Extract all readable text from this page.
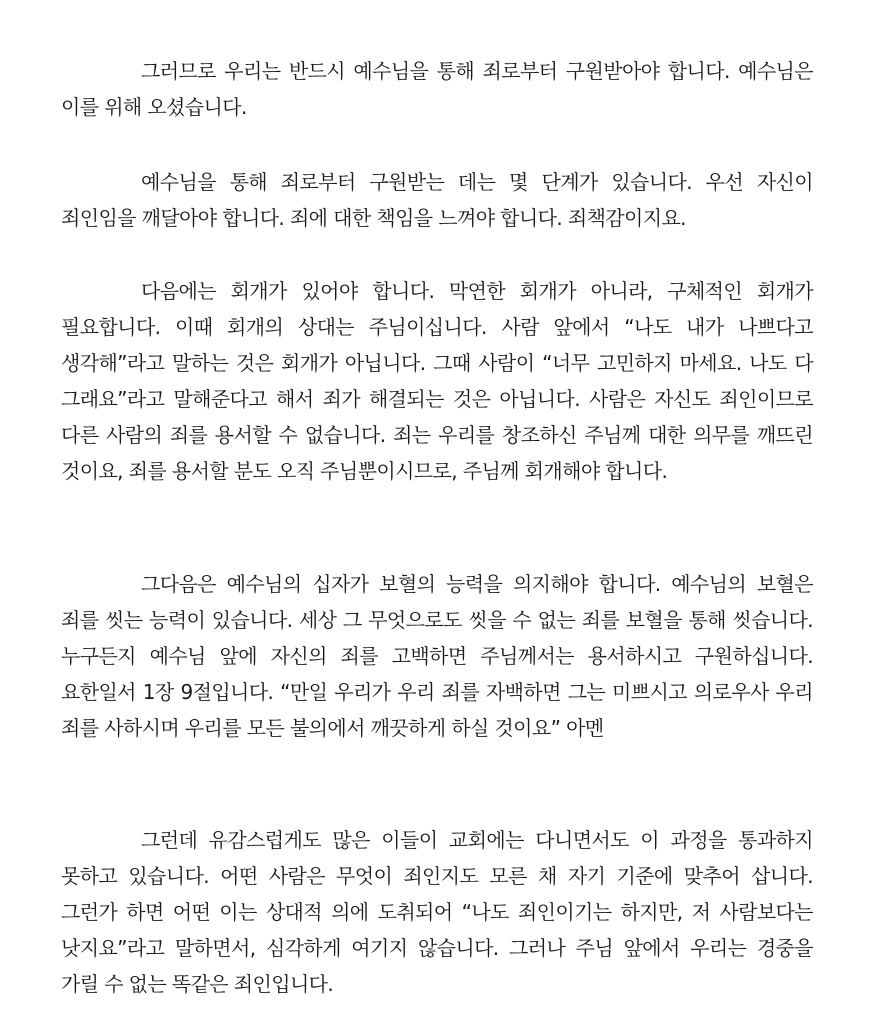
그러므로 우리는 반드시 예수님을 통해 죄로부터 구원받아야 합니다. 예수님은 이를 위해 오셨습니다.

예수님을 통해 죄로부터 구원받는 데는 몇 단계가 있습니다. 우선 자신이 죄인임을 깨달아야 합니다. 죄에 대한 책임을 느껴야 합니다. 죄책감이지요.

다음에는 회개가 있어야 합니다. 막연한 회개가 아니라, 구체적인 회개가 필요합니다. 이때 회개의 상대는 주님이십니다. 사람 앞에서 “나도 내가 나쁘다고 생각해”라고 말하는 것은 회개가 아닙니다. 그때 사람이 “너무 고민하지 마세요. 나도 다 그래요”라고 말해준다고 해서 죄가 해결되는 것은 아닙니다. 사람은 자신도 죄인이므로 다른 사람의 죄를 용서할 수 없습니다. 죄는 우리를 창조하신 주님께 대한 의무를 깨뜨린 것이요, 죄를 용서할 분도 오직 주님뿐이시므로, 주님께 회개해야 합니다.

그다음은 예수님의 십자가 보혈의 능력을 의지해야 합니다. 예수님의 보혈은 죄를 씻는 능력이 있습니다. 세상 그 무엇으로도 씻을 수 없는 죄를 보혈을 통해 씻습니다. 누구든지 예수님 앞에 자신의 죄를 고백하면 주님께서는 용서하시고 구원하십니다. 요한일서 1장 9절입니다. “만일 우리가 우리 죄를 자백하면 그는 미쁘시고 의로우사 우리 죄를 사하시며 우리를 모든 불의에서 깨끗하게 하실 것이요” 아멘

그런데 유감스럽게도 많은 이들이 교회에는 다니면서도 이 과정을 통과하지 못하고 있습니다. 어떤 사람은 무엇이 죄인지도 모른 채 자기 기준에 맞추어 삽니다. 그런가 하면 어떤 이는 상대적 의에 도취되어 “나도 죄인이기는 하지만, 저 사람보다는 낫지요”라고 말하면서, 심각하게 여기지 않습니다. 그러나 주님 앞에서 우리는 경중을 가릴 수 없는 똑같은 죄인입니다.
